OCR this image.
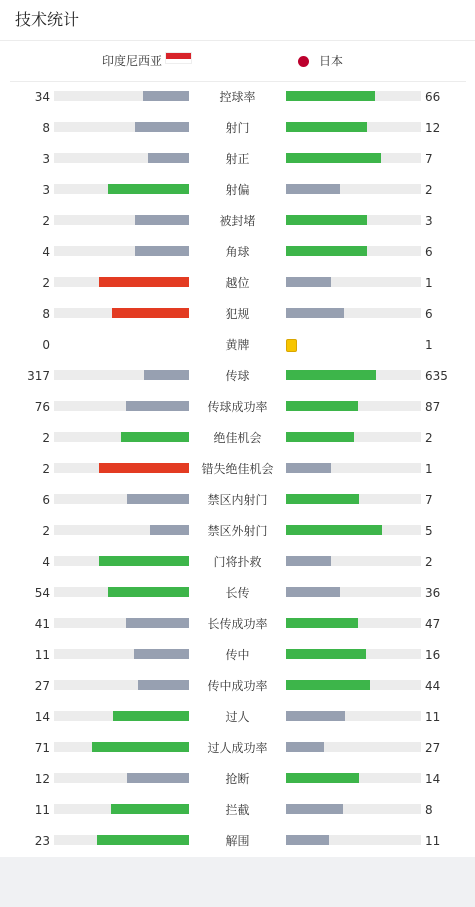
技术统计
印度尼西亚	日本
34	控球率	66
8	射门	12
3	射正	7
3	射偏	2
2	被封堵	3
4	角球	6
2	越位	1
8	犯规	6
0	黄牌	1
317	传球	635
76	传球成功率	87
2	绝佳机会	2
2	错失绝佳机会	1
6	禁区内射门	7
2	禁区外射门	5
4	门将扑救	2
54	长传	36
41	长传成功率	47
11	传中	16
27	传中成功率	44
14	过人	11
71	过人成功率	27
12	抢断	14
11	拦截	8
23	解围	11
